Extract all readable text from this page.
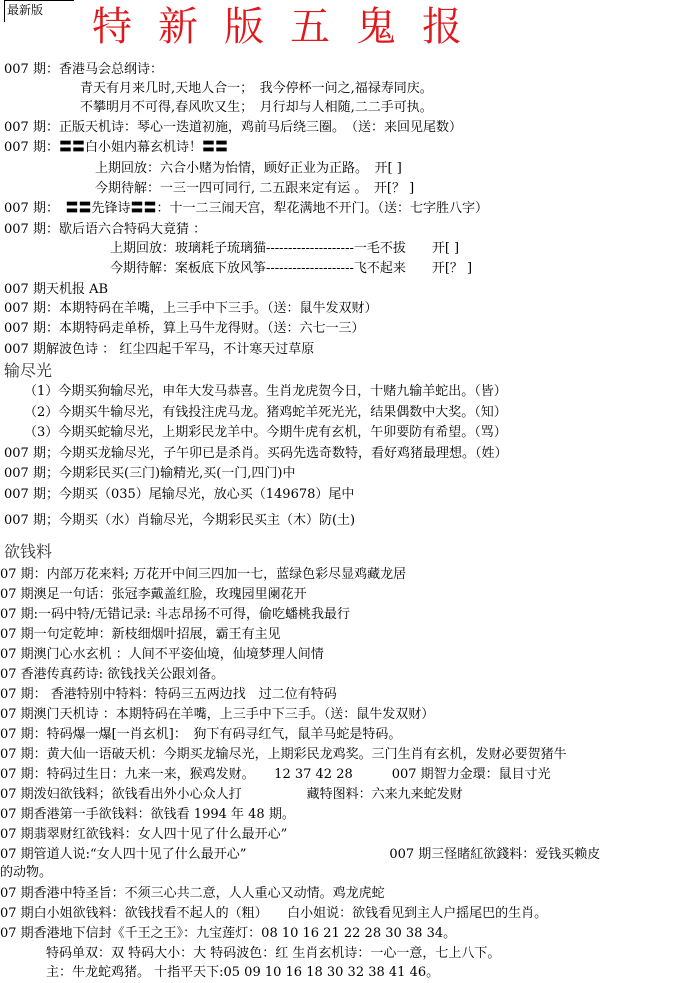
最新版	特新版五鬼报
007 期：香港马会总纲诗：
青天有月来几时,天地人合一；　我今停杯一问之,福禄寿同庆。
不攀明月不可得,春风吹又生；　月行却与人相随,二二手可执。
007 期：正版天机诗：琴心一迭道初施，鸡前马后绕三圈。　（送：来回见尾数）
007 期：〓〓白小姐内幕玄机诗！〓〓
上期回放：六合小赌为怡情，顾好正业为正路。　开[ ]
今期待解：一三一四可同行, 二五跟来定有运 。　开[？ ]
007 期：　〓〓先锋诗〓〓：十一二三闹天宫，犁花满地不开门。（送：七字胜八字）
007 期：歇后语六合特码大竟猜 ：
上期回放：玻璃耗子琉璃猫--------------------一毛不拔　　开[ ]
今期待解：案板底下放风筝--------------------飞不起来　　开[？ ]
007 期天机报 AB
007 期：本期特码在羊嘴，上三手中下三手。（送：鼠牛发双财）
007 期：本期特码走单桥，算上马牛龙得财。（送：六七一三）
007 期解波色诗 ： 红尘四起千军马，不计寒天过草原
输尽光
（1）今期买狗输尽光，申年大发马恭喜。生肖龙虎贺今日，十赌九输羊蛇出。（皆）
（2）今期买牛输尽光，有钱投注虎马龙。猪鸡蛇羊死光光，结果偶数中大奖。（知）
（3）今期买蛇输尽光，上期彩民龙羊中。今期牛虎有玄机，午卯要防有希望。（骂）
007 期；今期买龙输尽光，子午卯已是杀肖。买码先选奇数特，看好鸡猪最理想。（姓）
007 期；今期彩民买(三门)输精光,买(一门,四门)中
007 期；今期买（035）尾输尽光，放心买（149678）尾中
007 期；今期买（水）肖输尽光，今期彩民买主（木）防(土)
欲钱料
07 期：内部万花来料; 万花开中间三四加一七，蓝绿色彩尽显鸡藏龙居
07 期澳足一句话：张冠李戴盖红脸，玫瑰园里阑花开
07 期:一码中特/无错记录: 斗志昂扬不可得，偷吃蟠桃我最行
07 期一句定乾坤：新枝细烟叶招展，霸王有主见
07 期澳门心水玄机 ：人间不平姿仙境，仙境梦理人间情
07 香港传真药诗: 欲钱找关公跟刘备。
07 期： 香港特别中特料：特码三五两边找　过二位有特码
07 期澳门天机诗 ：本期特码在羊嘴，上三手中下三手。（送：鼠牛发双财）
07 期：特码爆一爆[一肖玄机]：　狗下有码寻红气，鼠羊马蛇是特码。
07 期：黄大仙一语破天机：今期买龙输尽光，上期彩民龙鸡奖。三门生肖有玄机，发财必要贺猪牛
07 期：特码过生日：九来一来，猴鸡发财。　　12 37 42 28　　　007 期智力金環：鼠目寸光
07 期泼妇欲钱料；欲钱看出外小心众人打　　　　　藏特图料：六来九来蛇发财
07 期香港第一手欲钱料：欲钱看 1994 年 48 期。
07 期翡翠财红欲钱料：女人四十见了什么最开心”
07 期管道人说:“女人四十见了什么最开心”　　　　　　　　　　　007 期三怪睹紅欲錢料：爱钱买赖皮
的动物。
07 期香港中特圣旨：不须三心共二意，人人重心又动情。鸡龙虎蛇
07 期白小姐欲钱料：欲钱找看不起人的（粗）　　白小姐说：欲钱看见到主人户摇尾巴的生肖。
07 期香港地下信封《千王之王》：九宝莲灯：08 10 16 21 22 28 30 38 34。
特码单双：双 特码大小：大 特码波色：红 生肖玄机诗：一心一意，七上八下。
主：牛龙蛇鸡猪。 十指平天下:05 09 10 16 18 30 32 38 41 46。
